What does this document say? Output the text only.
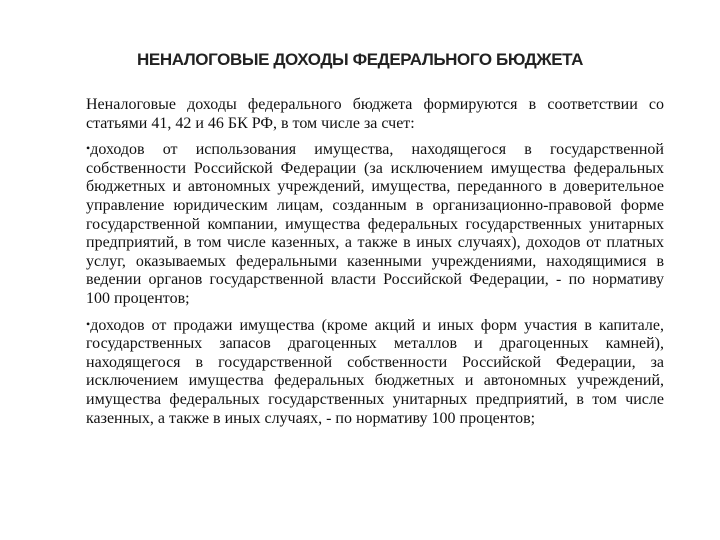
НЕНАЛОГОВЫЕ ДОХОДЫ ФЕДЕРАЛЬНОГО БЮДЖЕТА

Неналоговые доходы федерального бюджета формируются в соответствии со статьями 41, 42 и 46 БК РФ, в том числе за счет:

•доходов от использования имущества, находящегося в государственной собственности Российской Федерации (за исключением имущества федеральных бюджетных и автономных учреждений, имущества, переданного в доверительное управление юридическим лицам, созданным в организационно-правовой форме государственной компании, имущества федеральных государственных унитарных предприятий, в том числе казенных, а также в иных случаях), доходов от платных услуг, оказываемых федеральными казенными учреждениями, находящимися в ведении органов государственной власти Российской Федерации, - по нормативу 100 процентов;

•доходов от продажи имущества (кроме акций и иных форм участия в капитале, государственных запасов драгоценных металлов и драгоценных камней), находящегося в государственной собственности Российской Федерации, за исключением имущества федеральных бюджетных и автономных учреждений, имущества федеральных государственных унитарных предприятий, в том числе казенных, а также в иных случаях, - по нормативу 100 процентов;
